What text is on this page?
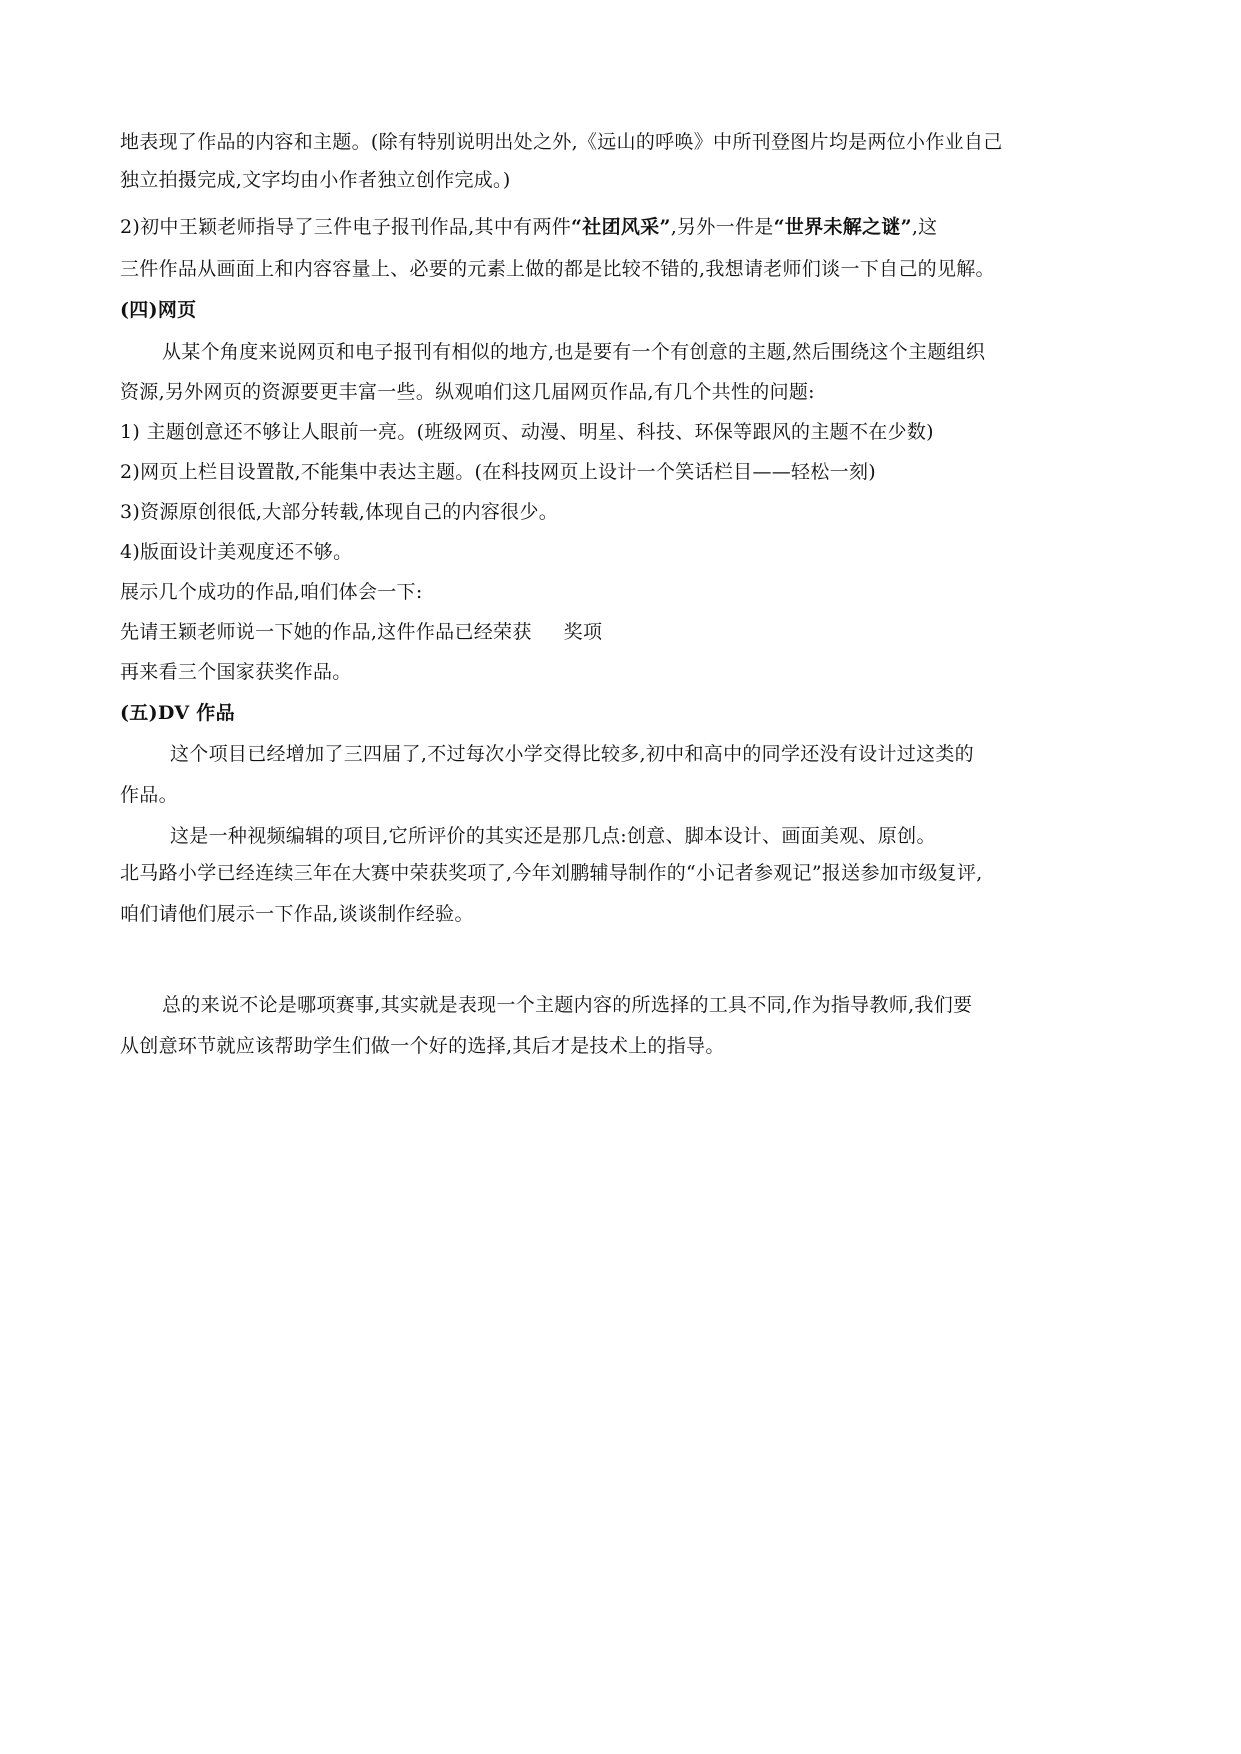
地表现了作品的内容和主题。(除有特别说明出处之外,《远山的呼唤》中所刊登图片均是两位小作业自己
独立拍摄完成,文字均由小作者独立创作完成。)
2)初中王颖老师指导了三件电子报刊作品,其中有两件“社团风采”,另外一件是“世界未解之谜”,这
三件作品从画面上和内容容量上、必要的元素上做的都是比较不错的,我想请老师们谈一下自己的见解。
(四)网页
从某个角度来说网页和电子报刊有相似的地方,也是要有一个有创意的主题,然后围绕这个主题组织
资源,另外网页的资源要更丰富一些。纵观咱们这几届网页作品,有几个共性的问题:
1) 主题创意还不够让人眼前一亮。(班级网页、动漫、明星、科技、环保等跟风的主题不在少数)
2)网页上栏目设置散,不能集中表达主题。(在科技网页上设计一个笑话栏目——轻松一刻)
3)资源原创很低,大部分转载,体现自己的内容很少。
4)版面设计美观度还不够。
展示几个成功的作品,咱们体会一下:
先请王颖老师说一下她的作品,这件作品已经荣获 奖项
再来看三个国家获奖作品。
(五)DV 作品
这个项目已经增加了三四届了,不过每次小学交得比较多,初中和高中的同学还没有设计过这类的
作品。
这是一种视频编辑的项目,它所评价的其实还是那几点:创意、脚本设计、画面美观、原创。
北马路小学已经连续三年在大赛中荣获奖项了,今年刘鹏辅导制作的“小记者参观记”报送参加市级复评,
咱们请他们展示一下作品,谈谈制作经验。
总的来说不论是哪项赛事,其实就是表现一个主题内容的所选择的工具不同,作为指导教师,我们要
从创意环节就应该帮助学生们做一个好的选择,其后才是技术上的指导。
